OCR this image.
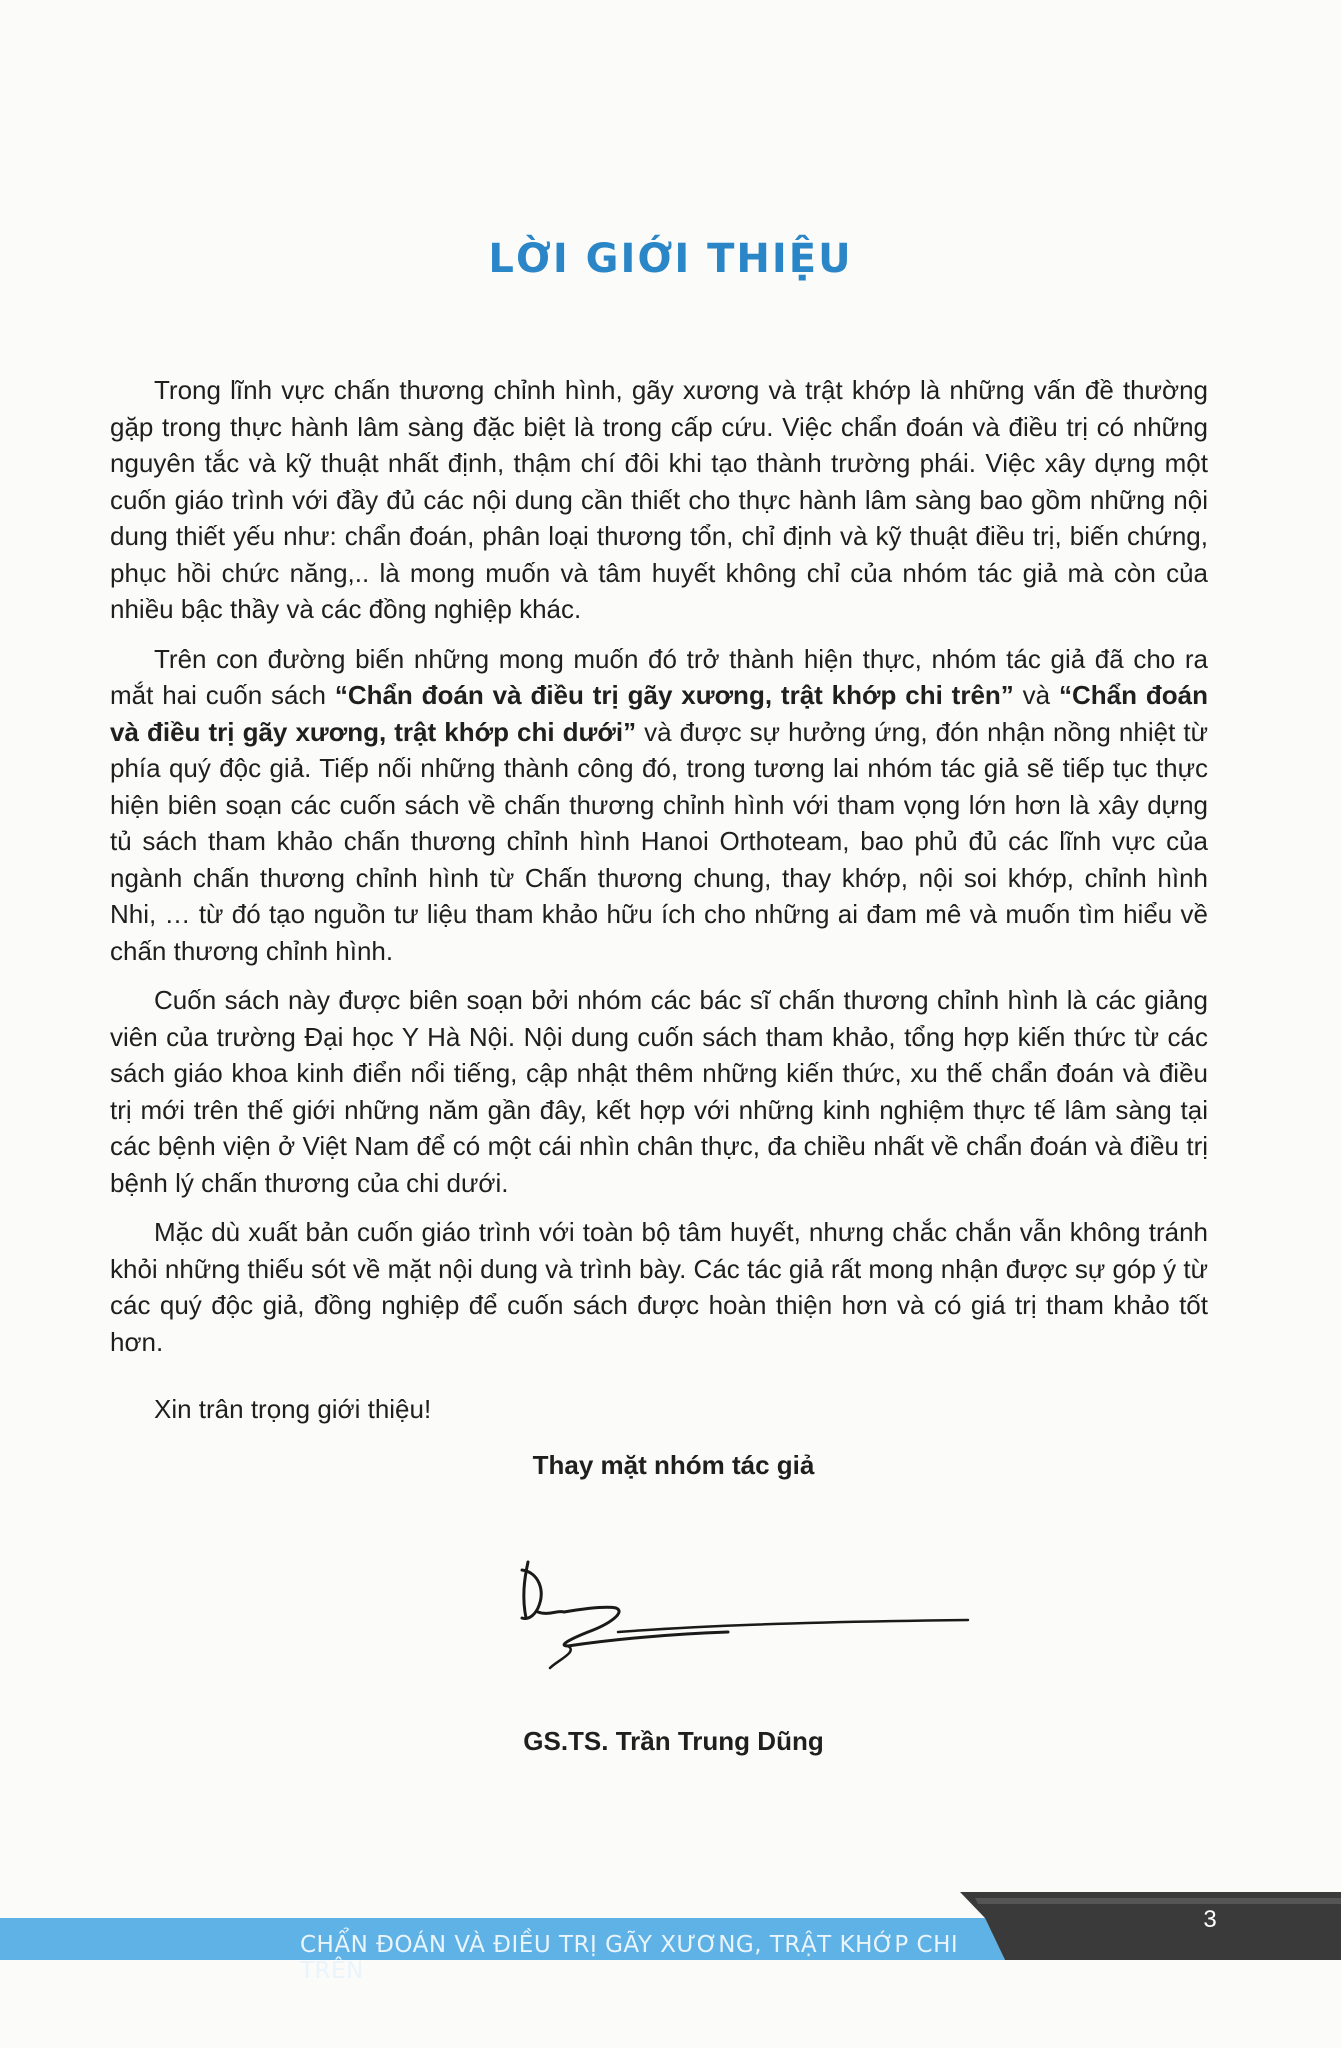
LỜI GIỚI THIỆU

Trong lĩnh vực chấn thương chỉnh hình, gãy xương và trật khớp là những vấn đề thường gặp trong thực hành lâm sàng đặc biệt là trong cấp cứu. Việc chẩn đoán và điều trị có những nguyên tắc và kỹ thuật nhất định, thậm chí đôi khi tạo thành trường phái. Việc xây dựng một cuốn giáo trình với đầy đủ các nội dung cần thiết cho thực hành lâm sàng bao gồm những nội dung thiết yếu như: chẩn đoán, phân loại thương tổn, chỉ định và kỹ thuật điều trị, biến chứng, phục hồi chức năng,.. là mong muốn và tâm huyết không chỉ của nhóm tác giả mà còn của nhiều bậc thầy và các đồng nghiệp khác.

Trên con đường biến những mong muốn đó trở thành hiện thực, nhóm tác giả đã cho ra mắt hai cuốn sách “Chẩn đoán và điều trị gãy xương, trật khớp chi trên” và “Chẩn đoán và điều trị gãy xương, trật khớp chi dưới” và được sự hưởng ứng, đón nhận nồng nhiệt từ phía quý độc giả. Tiếp nối những thành công đó, trong tương lai nhóm tác giả sẽ tiếp tục thực hiện biên soạn các cuốn sách về chấn thương chỉnh hình với tham vọng lớn hơn là xây dựng tủ sách tham khảo chấn thương chỉnh hình Hanoi Orthoteam, bao phủ đủ các lĩnh vực của ngành chấn thương chỉnh hình từ Chấn thương chung, thay khớp, nội soi khớp, chỉnh hình Nhi, … từ đó tạo nguồn tư liệu tham khảo hữu ích cho những ai đam mê và muốn tìm hiểu về chấn thương chỉnh hình.

Cuốn sách này được biên soạn bởi nhóm các bác sĩ chấn thương chỉnh hình là các giảng viên của trường Đại học Y Hà Nội. Nội dung cuốn sách tham khảo, tổng hợp kiến thức từ các sách giáo khoa kinh điển nổi tiếng, cập nhật thêm những kiến thức, xu thế chẩn đoán và điều trị mới trên thế giới những năm gần đây, kết hợp với những kinh nghiệm thực tế lâm sàng tại các bệnh viện ở Việt Nam để có một cái nhìn chân thực, đa chiều nhất về chẩn đoán và điều trị bệnh lý chấn thương của chi dưới.

Mặc dù xuất bản cuốn giáo trình với toàn bộ tâm huyết, nhưng chắc chắn vẫn không tránh khỏi những thiếu sót về mặt nội dung và trình bày. Các tác giả rất mong nhận được sự góp ý từ các quý độc giả, đồng nghiệp để cuốn sách được hoàn thiện hơn và có giá trị tham khảo tốt hơn.

Xin trân trọng giới thiệu!
Thay mặt nhóm tác giả
GS.TS. Trần Trung Dũng
CHẨN ĐOÁN VÀ ĐIỀU TRỊ GÃY XƯƠNG, TRẬT KHỚP CHI TRÊN
3
